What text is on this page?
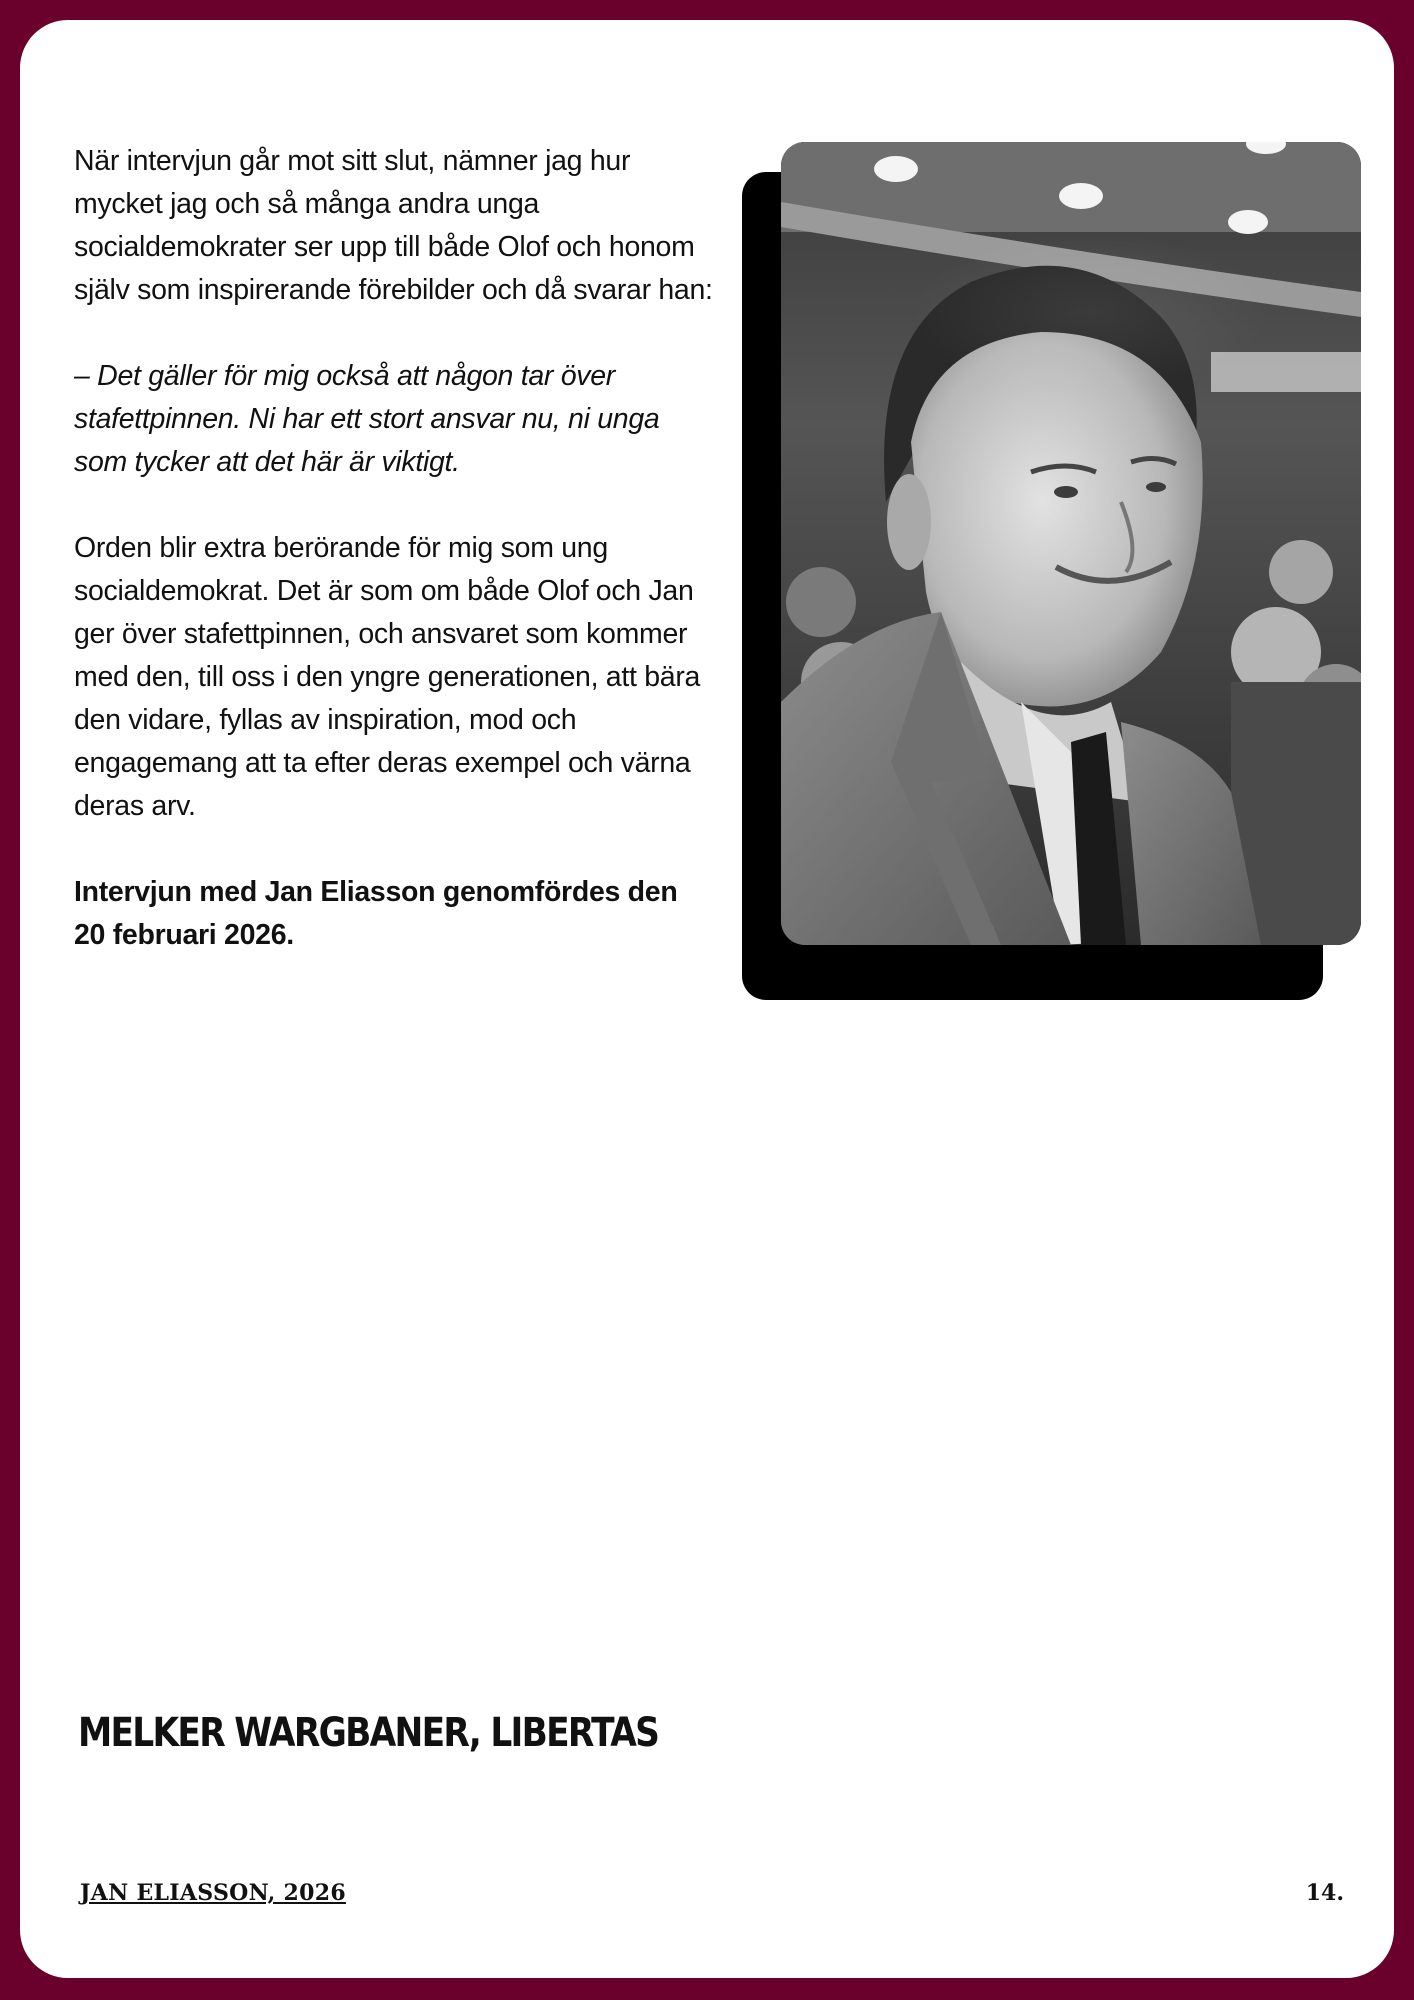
När intervjun går mot sitt slut, nämner jag hur mycket jag och så många andra unga socialdemokrater ser upp till både Olof och honom själv som inspirerande förebilder och då svarar han:

– Det gäller för mig också att någon tar över stafettpinnen. Ni har ett stort ansvar nu, ni unga som tycker att det här är viktigt.

Orden blir extra berörande för mig som ung socialdemokrat. Det är som om både Olof och Jan ger över stafettpinnen, och ansvaret som kommer med den, till oss i den yngre generationen, att bära den vidare, fyllas av inspiration, mod och engagemang att ta efter deras exempel och värna deras arv.

Intervjun med Jan Eliasson genomfördes den 20 februari 2026.

MELKER WARGBANER, LIBERTAS
JAN ELIASSON, 2026	14.
